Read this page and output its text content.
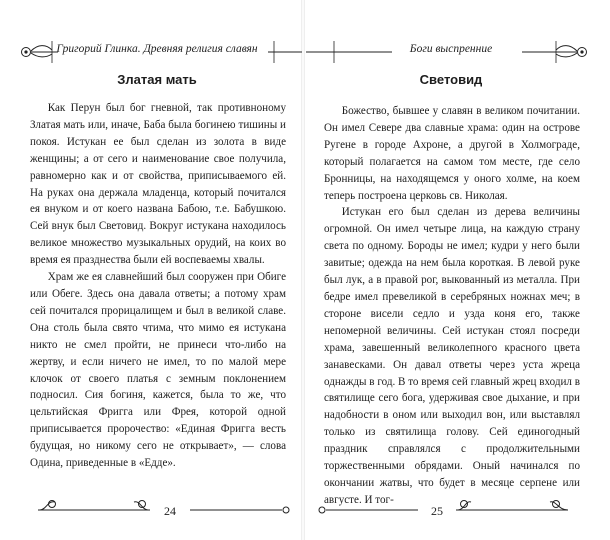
Григорий Глинка. Древняя религия славян
Златая мать

Как Перун был бог гневной, так противноному Златая мать или, иначе, Баба была богинею тишины и покоя. Истукан ее был сделан из золота в виде женщины; а от сего и наименование свое получила, равномерно как и от свойства, приписываемого ей. На руках она держала младенца, который почитался ея внуком и от коего названа Бабою, т.е. Бабушкою. Сей внук был Световид. Вокруг истукана находилось великое множество музыкальных орудий, на коих во время ея празднества были ей воспеваемы хвалы.

Храм же ея славнейший был сооружен при Обиге или Обеге. Здесь она давала ответы; а потому храм сей почитался прорицалищем и был в великой славе. Она столь была свято чтима, что мимо ея истукана никто не смел пройти, не принеси что-либо на жертву, и если ничего не имел, то по малой мере клочок от своего платья с земным поклонением подносил. Сия богиня, кажется, была то же, что цельтийская Фригга или Фрея, которой одной приписывается пророчество: «Единая Фригга весть будущая, но никому сего не открывает», — слова Одина, приведенные в «Едде».

24
Боги выспренние
Световид

Божество, бывшее у славян в великом почитании. Он имел Севере два славные храма: один на острове Ругене в городе Ахроне, а другой в Холмограде, который полагается на самом том месте, где село Бронницы, на находящемся у оного холме, на коем теперь построена церковь св. Николая.

Истукан его был сделан из дерева величины огромной. Он имел четыре лица, на каждую страну света по одному. Бороды не имел; кудри у него были завитые; одежда на нем была короткая. В левой руке был лук, а в правой рог, выкованный из металла. При бедре имел превеликой в серебряных ножнах меч; в стороне висели седло и узда коня его, также непомерной величины. Сей истукан стоял посреди храма, завешенный великолепного красного цвета занавесками. Он давал ответы через уста жреца однажды в год. В то время сей главный жрец входил в святилище сего бога, удерживая свое дыхание, и при надобности в оном или выходил вон, или выставлял только из святилища голову. Сей единогодный праздник справлялся с продолжительными торжественными обрядами. Оный начинался по окончании жатвы, что будет в месяце серпене или августе. И тог-

25
